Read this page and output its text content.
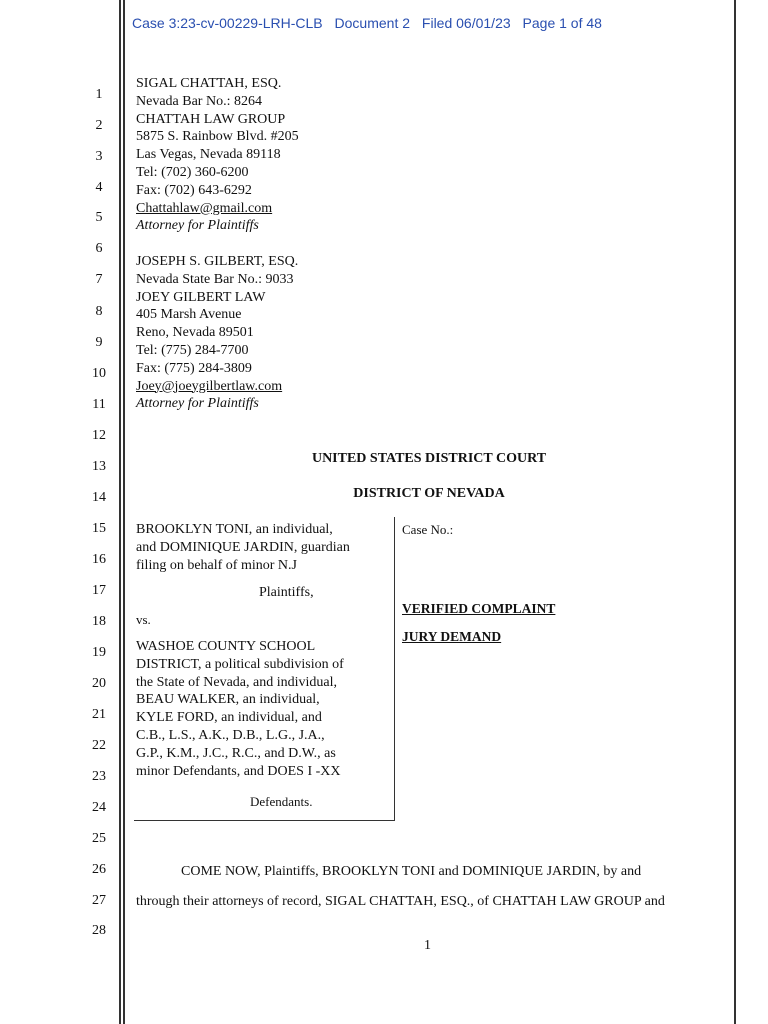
Case 3:23-cv-00229-LRH-CLB Document 2 Filed 06/01/23 Page 1 of 48
1
2
3
4
5
6
7
8
9
10
11
12
13
14
15
16
17
18
19
20
21
22
23
24
25
26
27
28
SIGAL CHATTAH, ESQ.
Nevada Bar No.: 8264
CHATTAH LAW GROUP
5875 S. Rainbow Blvd. #205
Las Vegas, Nevada 89118
Tel: (702) 360-6200
Fax: (702) 643-6292
Chattahlaw@gmail.com
Attorney for Plaintiffs
JOSEPH S. GILBERT, ESQ.
Nevada State Bar No.: 9033
JOEY GILBERT LAW
405 Marsh Avenue
Reno, Nevada 89501
Tel: (775) 284-7700
Fax: (775) 284-3809
Joey@joeygilbertlaw.com
Attorney for Plaintiffs
UNITED STATES DISTRICT COURT
DISTRICT OF NEVADA
BROOKLYN TONI, an individual,
and DOMINIQUE JARDIN, guardian
filing on behalf of minor N.J
Plaintiffs,
vs.
WASHOE COUNTY SCHOOL
DISTRICT, a political subdivision of
the State of Nevada, and individual,
BEAU WALKER, an individual,
KYLE FORD, an individual, and
C.B., L.S., A.K., D.B., L.G., J.A.,
G.P., K.M., J.C., R.C., and D.W., as
minor Defendants, and DOES I -XX
Defendants.
Case No.:
VERIFIED COMPLAINT
JURY DEMAND
COME NOW, Plaintiffs, BROOKLYN TONI and DOMINIQUE JARDIN, by and
through their attorneys of record, SIGAL CHATTAH, ESQ., of CHATTAH LAW GROUP and
1
